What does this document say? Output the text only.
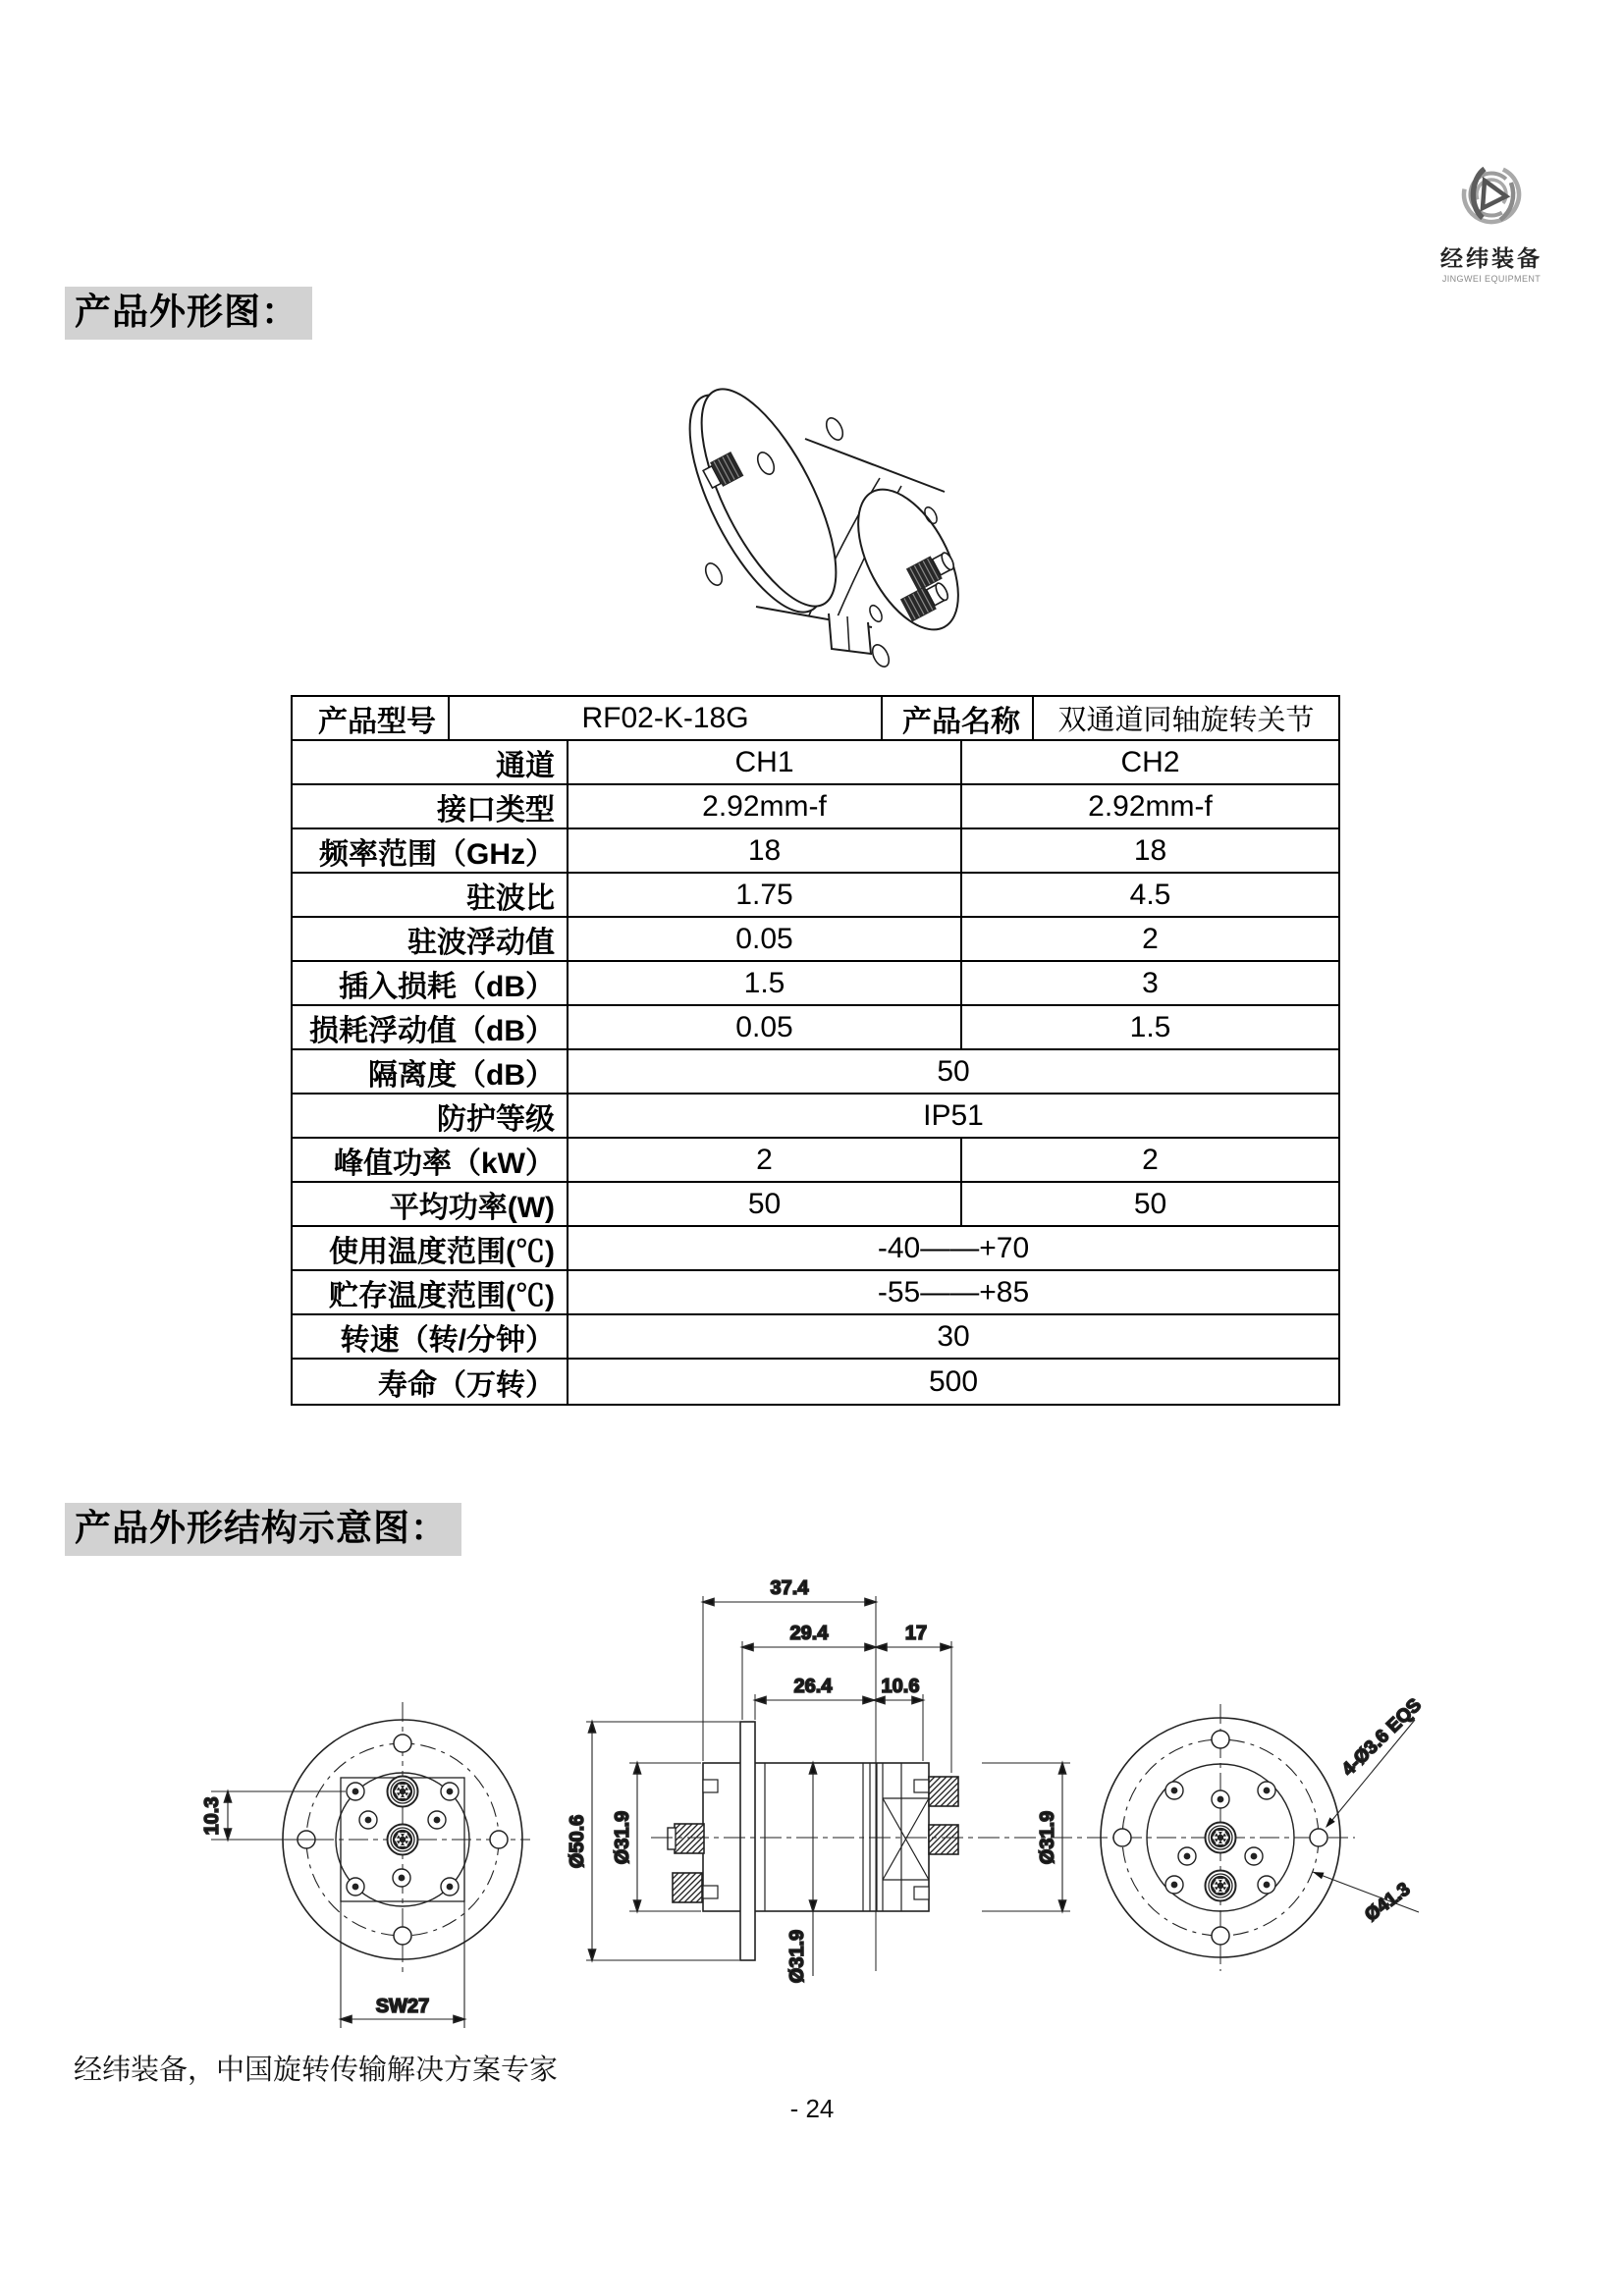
经纬装备
JINGWEI EQUIPMENT
产品外形图：
产品型号	RF02-K-18G	产品名称	双通道同轴旋转关节
通道	CH1	CH2
接口类型	2.92mm-f	2.92mm-f
频率范围（GHz）	18	18
驻波比	1.75	4.5
驻波浮动值	0.05	2
插入损耗（dB）	1.5	3
损耗浮动值（dB）	0.05	1.5
隔离度（dB）	50
防护等级	IP51
峰值功率（kW）	2	2
平均功率(W)	50	50
使用温度范围(℃)	-40——+70
贮存温度范围(℃)	-55——+85
转速（转/分钟）	30
寿命（万转）	500
产品外形结构示意图：
10.3
SW27
37.4
29.4	17
26.4	10.6
Ø50.6 Ø31.9
Ø31.9
Ø31.9
4-Ø3.6 EQS
Ø41.3
经纬装备，中国旋转传输解决方案专家
- 24
